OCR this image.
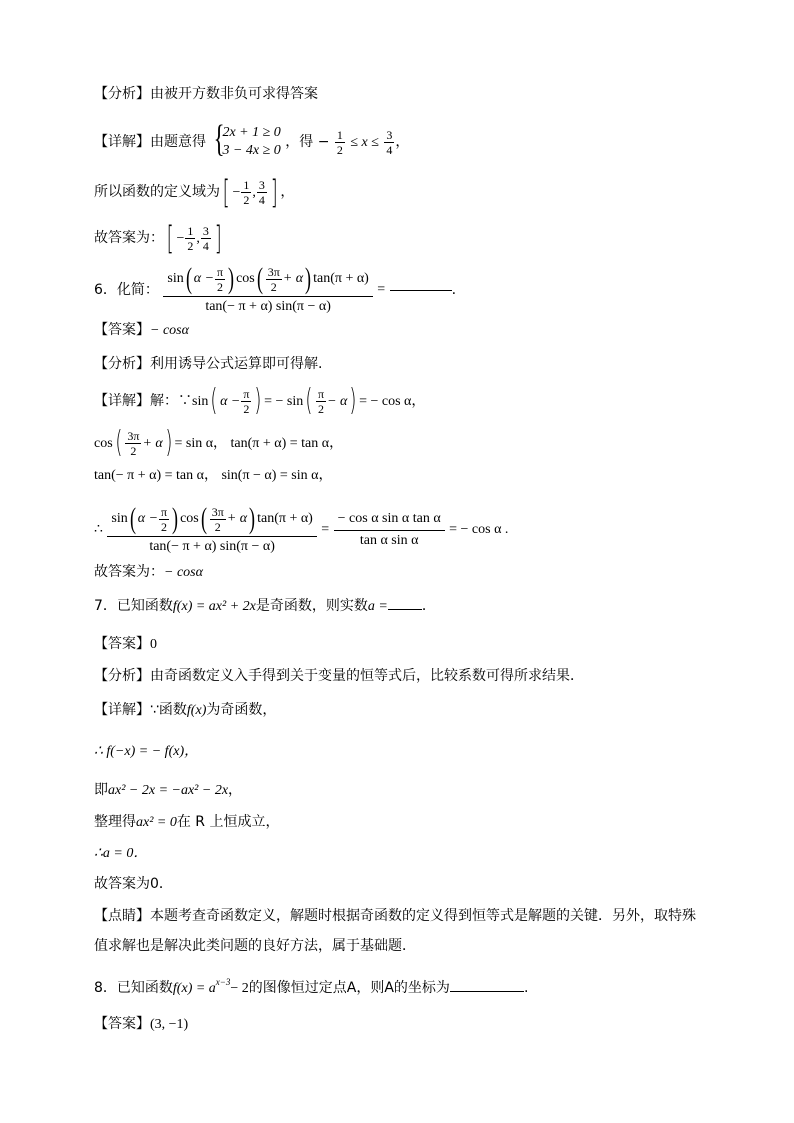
【分析】由被开方数非负可求得答案
【详解】由题意得 {
2x + 1 ≥ 0
3 − 4x ≥ 0
，得 − $\frac{1}{2} \le x \le \frac{3}{4}$ ，
所以函数的定义域为[ − $\frac{1}{2}$ , $\frac{3}{4}$ ] ，
故答案为：[ − $\frac{1}{2}$ , $\frac{3}{4}$ ]
6．化简： $\frac{\sin( \alpha - \frac{\pi}{2} ) \cos( \frac{3\pi}{2} + \alpha) \tan(\pi + \alpha)}{\tan(- \pi + \alpha) \sin(\pi - \alpha)}$ =	.
【答案】− cosα
【分析】利用诱导公式运算即可得解.
【详解】解：∵sin( $\alpha - \frac{\pi}{2}$ ) = − $\sin( \frac{\pi}{2} - \alpha)$ = − cos α，
$\cos( \frac{3\pi}{2} + \alpha) = \sin \alpha$， tan(π + α) = tan α，
tan(− π + α) = tan α， sin(π − α) = sin α，
∴ $\frac{\sin( \alpha - \frac{\pi}{2} ) \cos( \frac{3\pi}{2} + \alpha) \tan(\pi + \alpha)}{\tan(- \pi + \alpha) \sin(\pi - \alpha)} = \frac{\text{− cos α sin α tan α}}{\text{tan α sin α}}$ = − cos α .
故答案为：− cosα
7．已知函数f(x) = ax² + 2x是奇函数，则实数a = ．
【答案】0
【分析】由奇函数定义入手得到关于变量的恒等式后，比较系数可得所求结果．
【详解】∵函数f(x)为奇函数，
∴ f(−x) = − f(x)，
即ax² − 2x = −ax² − 2x，
整理得ax² = 0在 R 上恒成立，
∴a = 0．
故答案为0．
【点睛】本题考查奇函数定义，解题时根据奇函数的定义得到恒等式是解题的关键．另外，取特殊
值求解也是解决此类问题的良好方法，属于基础题．
8．已知函数$f(x) = a^{x-3}- 2$的图像恒过定点A，则A的坐标为	.
【答案】(3, −1)
